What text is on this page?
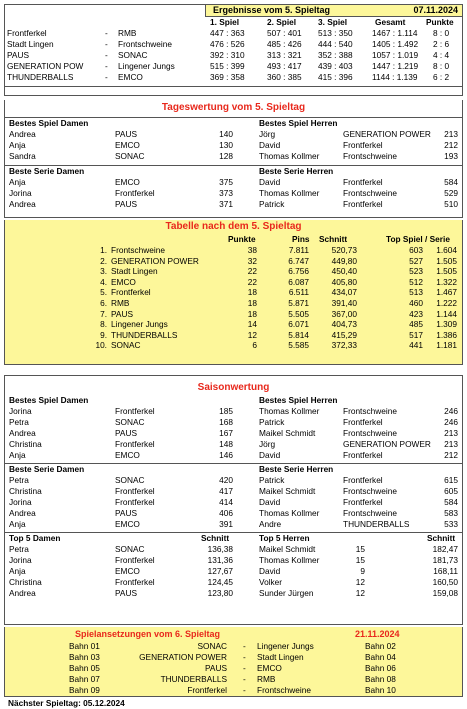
Ergebnisse vom 5. Spieltag	07.11.2024
1. Spiel	2. Spiel	3. Spiel	Gesamt Punkte
Frontferkel	- RMB	447 : 363	507 : 401 513 : 350 1467 : 1.114 8 : 0
Stadt Lingen	- Frontschweine	476 : 526	485 : 426 444 : 540 1405 : 1.492 2 : 6
PAUS	- SONAC	392 : 310	313 : 321 352 : 388 1057 : 1.019 4 : 4
GENERATION POW	- Lingener Jungs	515 : 399	493 : 417 439 : 403 1447 : 1.219 8 : 0
THUNDERBALLS	- EMCO	369 : 358	360 : 385 415 : 396 1144 : 1.139 6 : 2
Tageswertung vom 5. Spieltag
Bestes Spiel Damen	Bestes Spiel Herren
Andrea	PAUS	140	Jörg	GENERATION POWER	213
Anja	EMCO	130	David	Frontferkel	212
Sandra	SONAC	128	Thomas Kollmer	Frontschweine	193
Beste Serie Damen	Beste Serie Herren
Anja	EMCO	375	David	Frontferkel	584
Jorina	Frontferkel	373	Thomas Kollmer	Frontschweine	529
Andrea	PAUS	371	Patrick	Frontferkel	510
Tabelle nach dem 5. Spieltag
Punkte	Pins Schnitt	Top Spiel / Serie
1. Frontschweine	38	7.811	520,73	603	1.604
2. GENERATION POWER	32	6.747	449,80	527	1.505
3. Stadt Lingen	22	6.756	450,40	523	1.505
4. EMCO	22	6.087	405,80	512	1.322
5. Frontferkel	18	6.511	434,07	513	1.467
6. RMB	18	5.871	391,40	460	1.222
7. PAUS	18	5.505	367,00	423	1.144
8. Lingener Jungs	14	6.071	404,73	485	1.309
9. THUNDERBALLS	12	5.814	415,29	517	1.386
10. SONAC	6	5.585	372,33	441	1.181
Saisonwertung
Bestes Spiel Damen	Bestes Spiel Herren
Jorina	Frontferkel	185	Thomas Kollmer	Frontschweine	246
Petra	SONAC	168	Patrick	Frontferkel	246
Andrea	PAUS	167	Maikel Schmidt	Frontschweine	213
Christina	Frontferkel	148	Jörg	GENERATION POWER	213
Anja	EMCO	146	David	Frontferkel	212
Beste Serie Damen	Beste Serie Herren
Petra	SONAC	420	Patrick	Frontferkel	615
Christina	Frontferkel	417	Maikel Schmidt	Frontschweine	605
Jorina	Frontferkel	414	David	Frontferkel	584
Andrea	PAUS	406	Thomas Kollmer	Frontschweine	583
Anja	EMCO	391	Andre	THUNDERBALLS	533
Top 5 Damen	Schnitt	Top 5 Herren	Schnitt
Petra	SONAC	136,38	Maikel Schmidt	15	182,47
Jorina	Frontferkel	131,36	Thomas Kollmer	15	181,73
Anja	EMCO	127,67	David	9	168,11
Christina	Frontferkel	124,45	Volker	12	160,50
Andrea	PAUS	123,80	Sunder Jürgen	12	159,08
Spielansetzungen vom 6. Spieltag	21.11.2024
Bahn 01	SONAC - Lingener Jungs	Bahn 02
Bahn 03	GENERATION POWER - Stadt Lingen	Bahn 04
Bahn 05	PAUS - EMCO	Bahn 06
Bahn 07	THUNDERBALLS - RMB	Bahn 08
Bahn 09	Frontferkel - Frontschweine	Bahn 10
Nächster Spieltag: 05.12.2024
